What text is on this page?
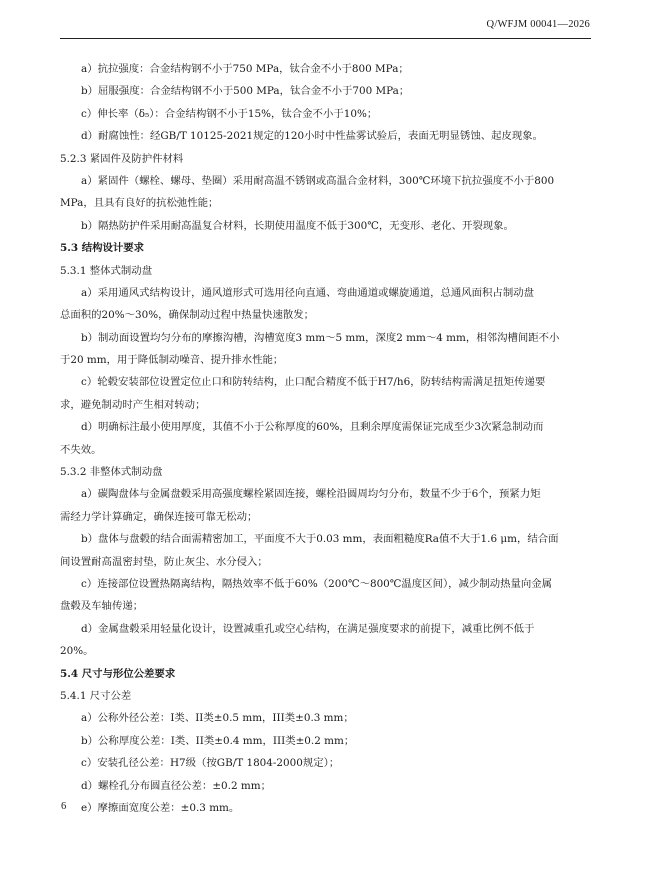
Q/WFJM 00041—2026
a）抗拉强度：合金结构钢不小于750 MPa，钛合金不小于800 MPa；
b）屈服强度：合金结构钢不小于500 MPa，钛合金不小于700 MPa；
c）伸长率（δ₅）：合金结构钢不小于15%，钛合金不小于10%；
d）耐腐蚀性：经GB/T 10125-2021规定的120小时中性盐雾试验后，表面无明显锈蚀、起皮现象。
5.2.3 紧固件及防护件材料
a）紧固件（螺栓、螺母、垫圈）采用耐高温不锈钢或高温合金材料，300℃环境下抗拉强度不小于800
MPa，且具有良好的抗松弛性能；
b）隔热防护件采用耐高温复合材料，长期使用温度不低于300℃，无变形、老化、开裂现象。
5.3 结构设计要求
5.3.1 整体式制动盘
a）采用通风式结构设计，通风道形式可选用径向直通、弯曲通道或螺旋通道，总通风面积占制动盘
总面积的20%～30%，确保制动过程中热量快速散发；
b）制动面设置均匀分布的摩擦沟槽，沟槽宽度3 mm～5 mm，深度2 mm～4 mm，相邻沟槽间距不小
于20 mm，用于降低制动噪音、提升排水性能；
c）轮毂安装部位设置定位止口和防转结构，止口配合精度不低于H7/h6，防转结构需满足扭矩传递要
求，避免制动时产生相对转动；
d）明确标注最小使用厚度，其值不小于公称厚度的60%，且剩余厚度需保证完成至少3次紧急制动而
不失效。
5.3.2 非整体式制动盘
a）碳陶盘体与金属盘毂采用高强度螺栓紧固连接，螺栓沿圆周均匀分布，数量不少于6个，预紧力矩
需经力学计算确定，确保连接可靠无松动；
b）盘体与盘毂的结合面需精密加工，平面度不大于0.03 mm，表面粗糙度Ra值不大于1.6 μm，结合面
间设置耐高温密封垫，防止灰尘、水分侵入；
c）连接部位设置热隔离结构，隔热效率不低于60%（200℃～800℃温度区间），减少制动热量向金属
盘毂及车轴传递；
d）金属盘毂采用轻量化设计，设置减重孔或空心结构，在满足强度要求的前提下，减重比例不低于
20%。
5.4 尺寸与形位公差要求
5.4.1 尺寸公差
a）公称外径公差：I类、II类±0.5 mm，III类±0.3 mm；
b）公称厚度公差：I类、II类±0.4 mm，III类±0.2 mm；
c）安装孔径公差：H7级（按GB/T 1804-2000规定）；
d）螺栓孔分布圆直径公差：±0.2 mm；
e）摩擦面宽度公差：±0.3 mm。
6
